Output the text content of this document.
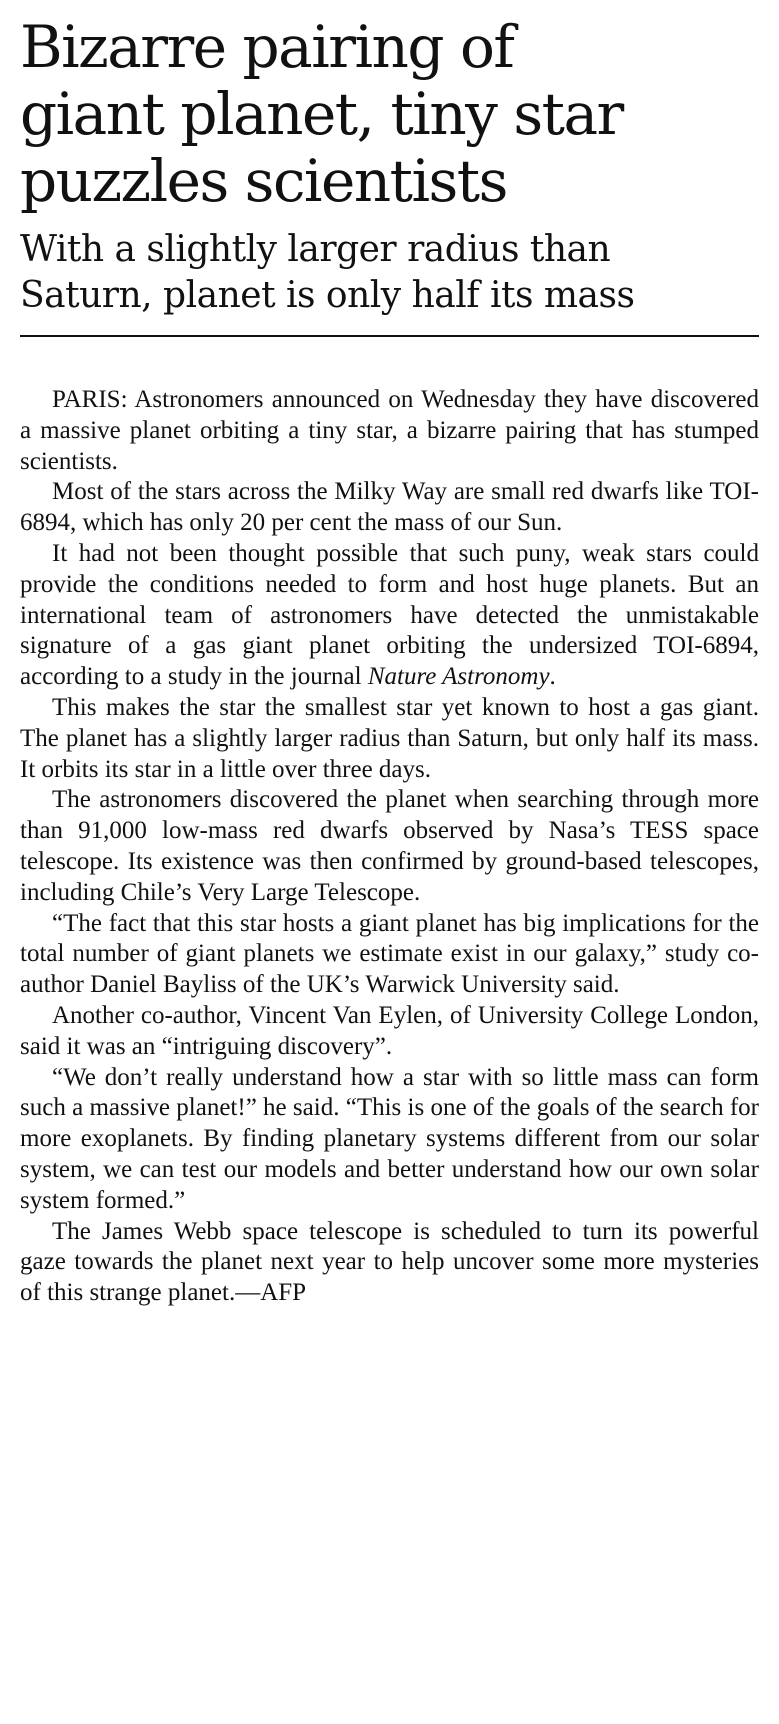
Bizarre pairing of
giant planet, tiny star
puzzles scientists
With a slightly larger radius than
Saturn, planet is only half its mass

PARIS: Astronomers announced on Wednesday they have discovered a massive planet orbiting a tiny star, a bizarre pairing that has stumped scientists.

Most of the stars across the Milky Way are small red dwarfs like TOI-6894, which has only 20 per cent the mass of our Sun.

It had not been thought possible that such puny, weak stars could provide the conditions needed to form and host huge planets. But an international team of astronomers have detected the unmistakable signature of a gas giant planet orbiting the undersized TOI-6894, according to a study in the journal Nature Astronomy.

This makes the star the smallest star yet known to host a gas giant. The planet has a slightly larger radius than Saturn, but only half its mass. It orbits its star in a little over three days.

The astronomers discovered the planet when searching through more than 91,000 low-mass red dwarfs observed by Nasa’s TESS space telescope. Its existence was then confirmed by ground-based telescopes, including Chile’s Very Large Telescope.

“The fact that this star hosts a giant planet has big implications for the total number of giant planets we estimate exist in our galaxy,” study co-author Daniel Bayliss of the UK’s Warwick University said.

Another co-author, Vincent Van Eylen, of University College London, said it was an “intriguing discovery”.

“We don’t really understand how a star with so little mass can form such a massive planet!” he said. “This is one of the goals of the search for more exoplanets. By finding planetary systems different from our solar system, we can test our models and better understand how our own solar system formed.”

The James Webb space telescope is scheduled to turn its powerful gaze towards the planet next year to help uncover some more mysteries of this strange planet.—AFP
